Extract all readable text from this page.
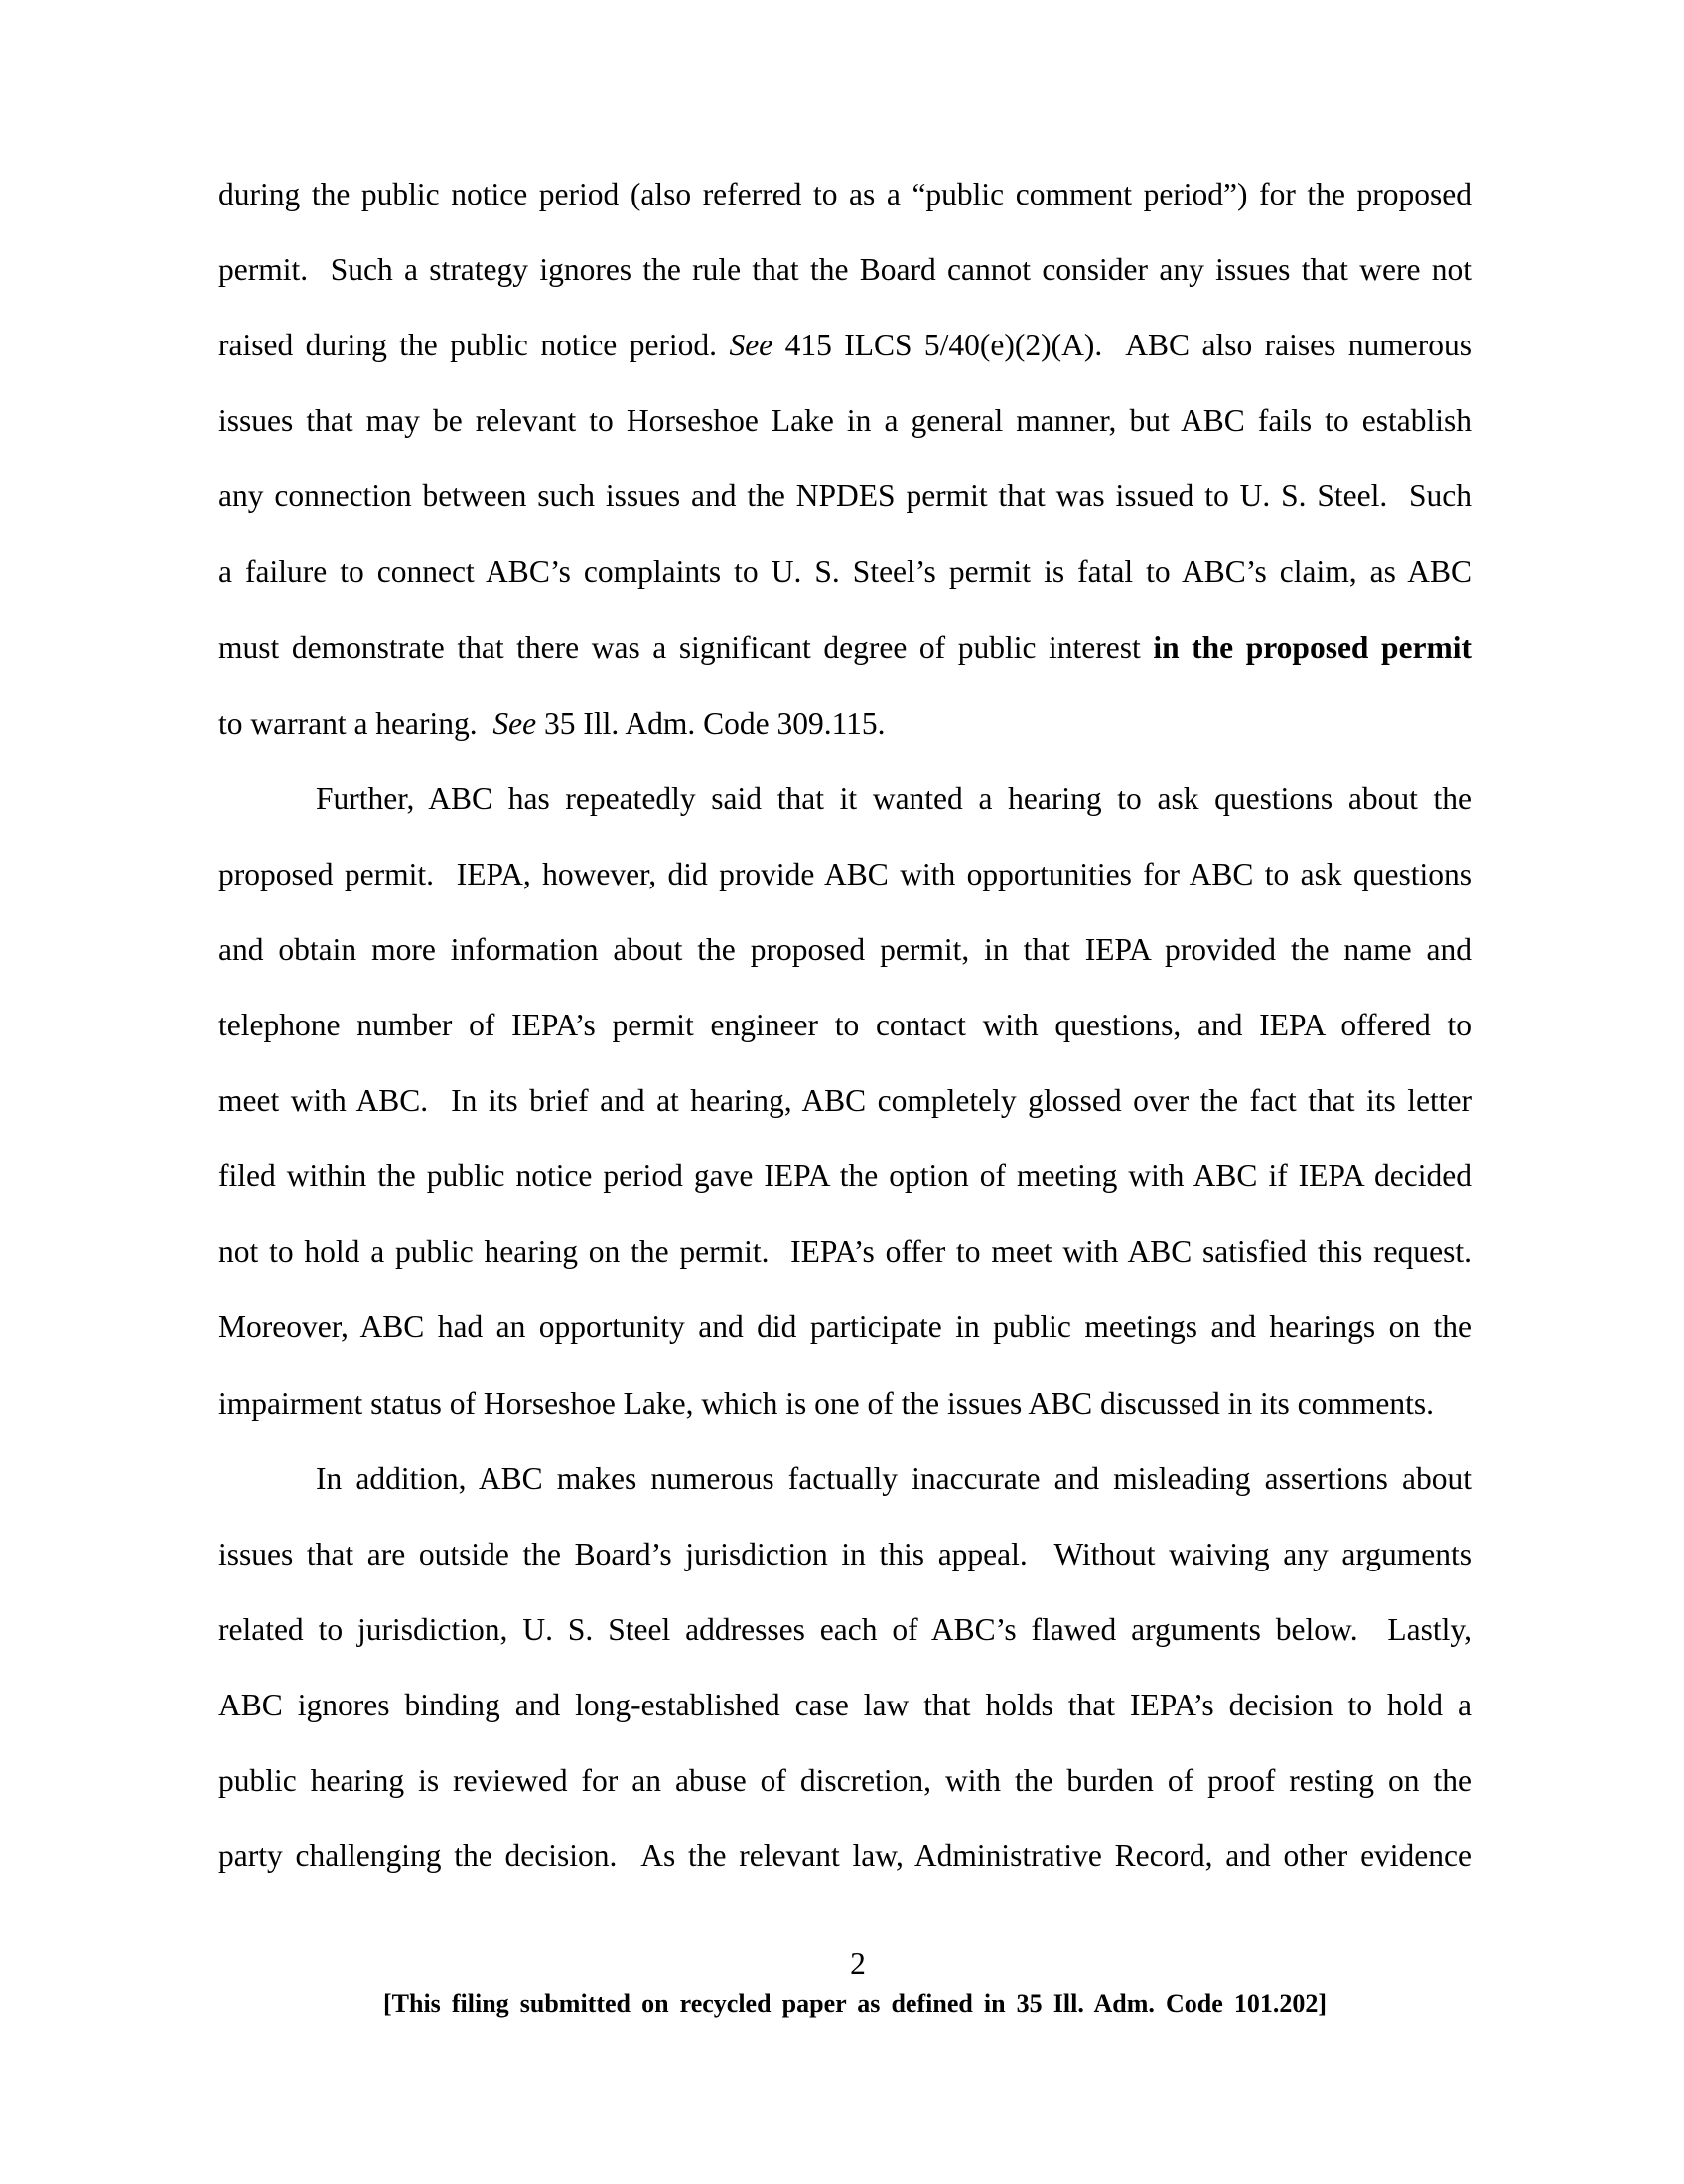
during the public notice period (also referred to as a “public comment period”) for the proposed
permit.  Such a strategy ignores the rule that the Board cannot consider any issues that were not
raised during the public notice period. See 415 ILCS 5/40(e)(2)(A).  ABC also raises numerous
issues that may be relevant to Horseshoe Lake in a general manner, but ABC fails to establish
any connection between such issues and the NPDES permit that was issued to U. S. Steel.  Such
a failure to connect ABC’s complaints to U. S. Steel’s permit is fatal to ABC’s claim, as ABC
must demonstrate that there was a significant degree of public interest in the proposed permit
to warrant a hearing.  See 35 Ill. Adm. Code 309.115.
Further, ABC has repeatedly said that it wanted a hearing to ask questions about the
proposed permit.  IEPA, however, did provide ABC with opportunities for ABC to ask questions
and obtain more information about the proposed permit, in that IEPA provided the name and
telephone number of IEPA’s permit engineer to contact with questions, and IEPA offered to
meet with ABC.  In its brief and at hearing, ABC completely glossed over the fact that its letter
filed within the public notice period gave IEPA the option of meeting with ABC if IEPA decided
not to hold a public hearing on the permit.  IEPA’s offer to meet with ABC satisfied this request.
Moreover, ABC had an opportunity and did participate in public meetings and hearings on the
impairment status of Horseshoe Lake, which is one of the issues ABC discussed in its comments.
In addition, ABC makes numerous factually inaccurate and misleading assertions about
issues that are outside the Board’s jurisdiction in this appeal.  Without waiving any arguments
related to jurisdiction, U. S. Steel addresses each of ABC’s flawed arguments below.  Lastly,
ABC ignores binding and long-established case law that holds that IEPA’s decision to hold a
public hearing is reviewed for an abuse of discretion, with the burden of proof resting on the
party challenging the decision.  As the relevant law, Administrative Record, and other evidence
2
[This filing submitted on recycled paper as defined in 35 Ill. Adm. Code 101.202]
